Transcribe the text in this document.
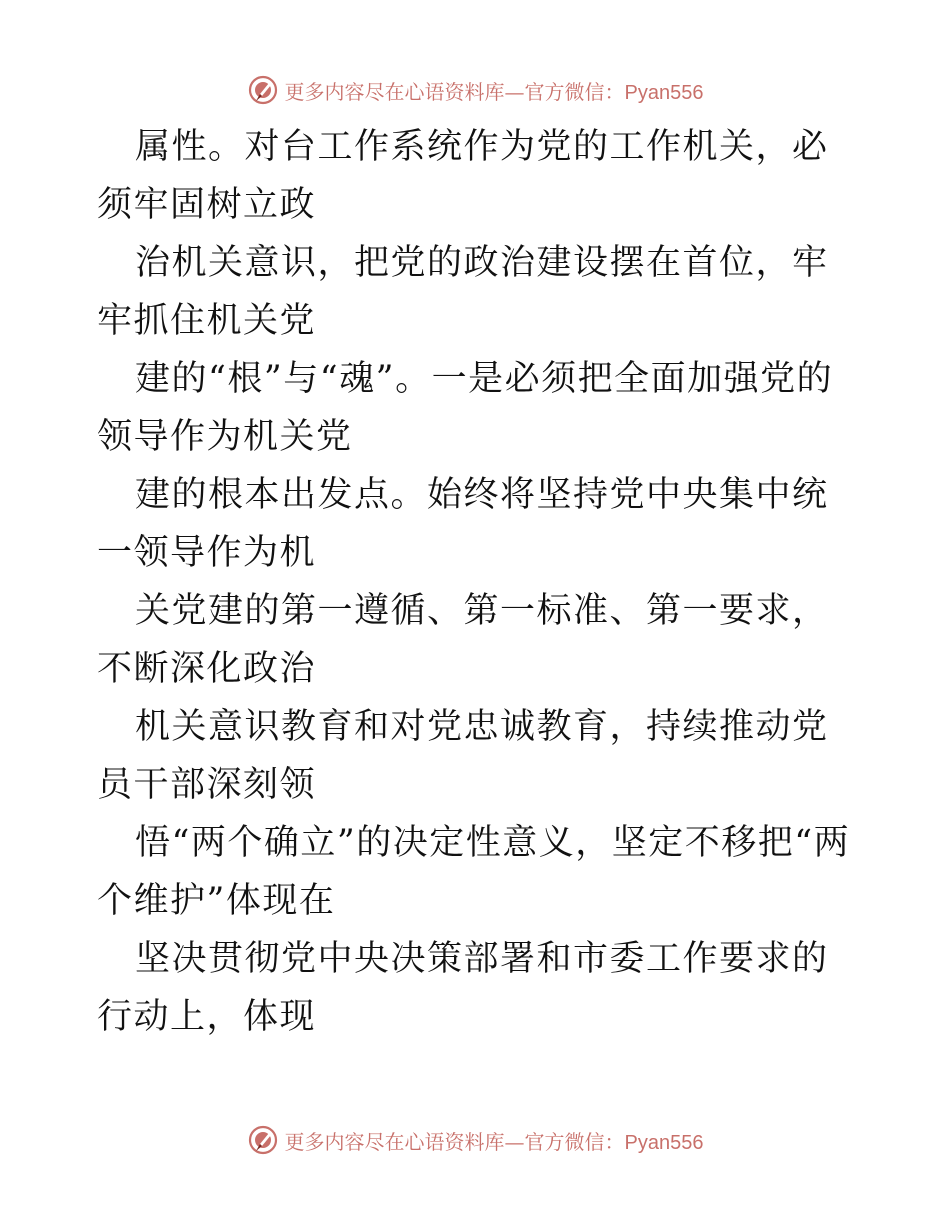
更多内容尽在心语资料库—官方微信：Pyan556

属性。对台工作系统作为党的工作机关，必须牢固树立政

治机关意识，把党的政治建设摆在首位，牢牢抓住机关党

建的“根”与“魂”。一是必须把全面加强党的领导作为机关党

建的根本出发点。始终将坚持党中央集中统一领导作为机

关党建的第一遵循、第一标准、第一要求，不断深化政治

机关意识教育和对党忠诚教育，持续推动党员干部深刻领

悟“两个确立”的决定性意义，坚定不移把“两个维护”体现在

坚决贯彻党中央决策部署和市委工作要求的行动上，体现

更多内容尽在心语资料库—官方微信：Pyan556
